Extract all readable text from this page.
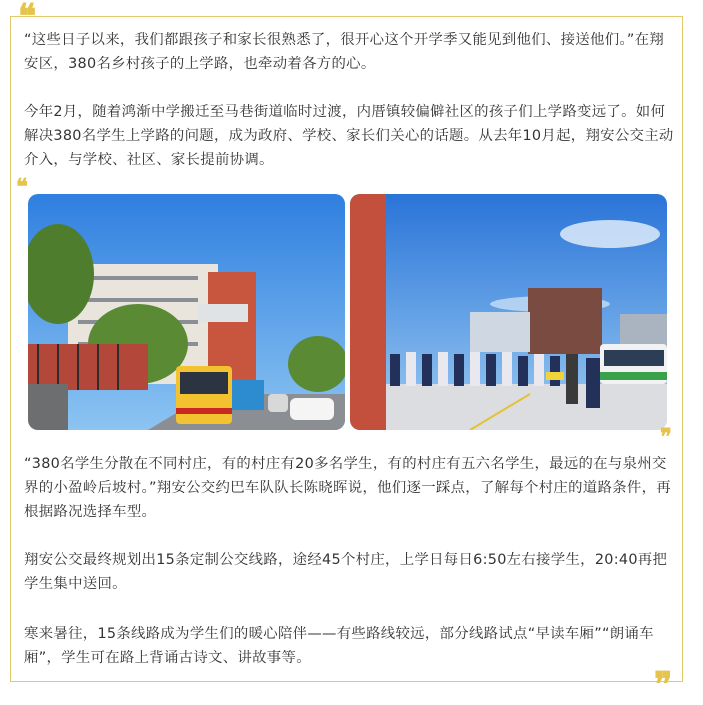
❝

“这些日子以来，我们都跟孩子和家长很熟悉了，很开心这个开学季又能见到他们、接送他们。”在翔安区，380名乡村孩子的上学路，也牵动着各方的心。

今年2月，随着鸿渐中学搬迁至马巷街道临时过渡，内厝镇较偏僻社区的孩子们上学路变远了。如何解决380名学生上学路的问题，成为政府、学校、家长们关心的话题。从去年10月起，翔安公交主动介入，与学校、社区、家长提前协调。

❝
❞

“380名学生分散在不同村庄，有的村庄有20多名学生，有的村庄有五六名学生，最远的在与泉州交界的小盈岭后坡村。”翔安公交约巴车队队长陈晓晖说，他们逐一踩点，了解每个村庄的道路条件，再根据路况选择车型。

翔安公交最终规划出15条定制公交线路，途经45个村庄，上学日每日6:50左右接学生，20:40再把学生集中送回。

寒来暑往，15条线路成为学生们的暖心陪伴——有些路线较远，部分线路试点“早读车厢”“朗诵车厢”，学生可在路上背诵古诗文、讲故事等。

❞
